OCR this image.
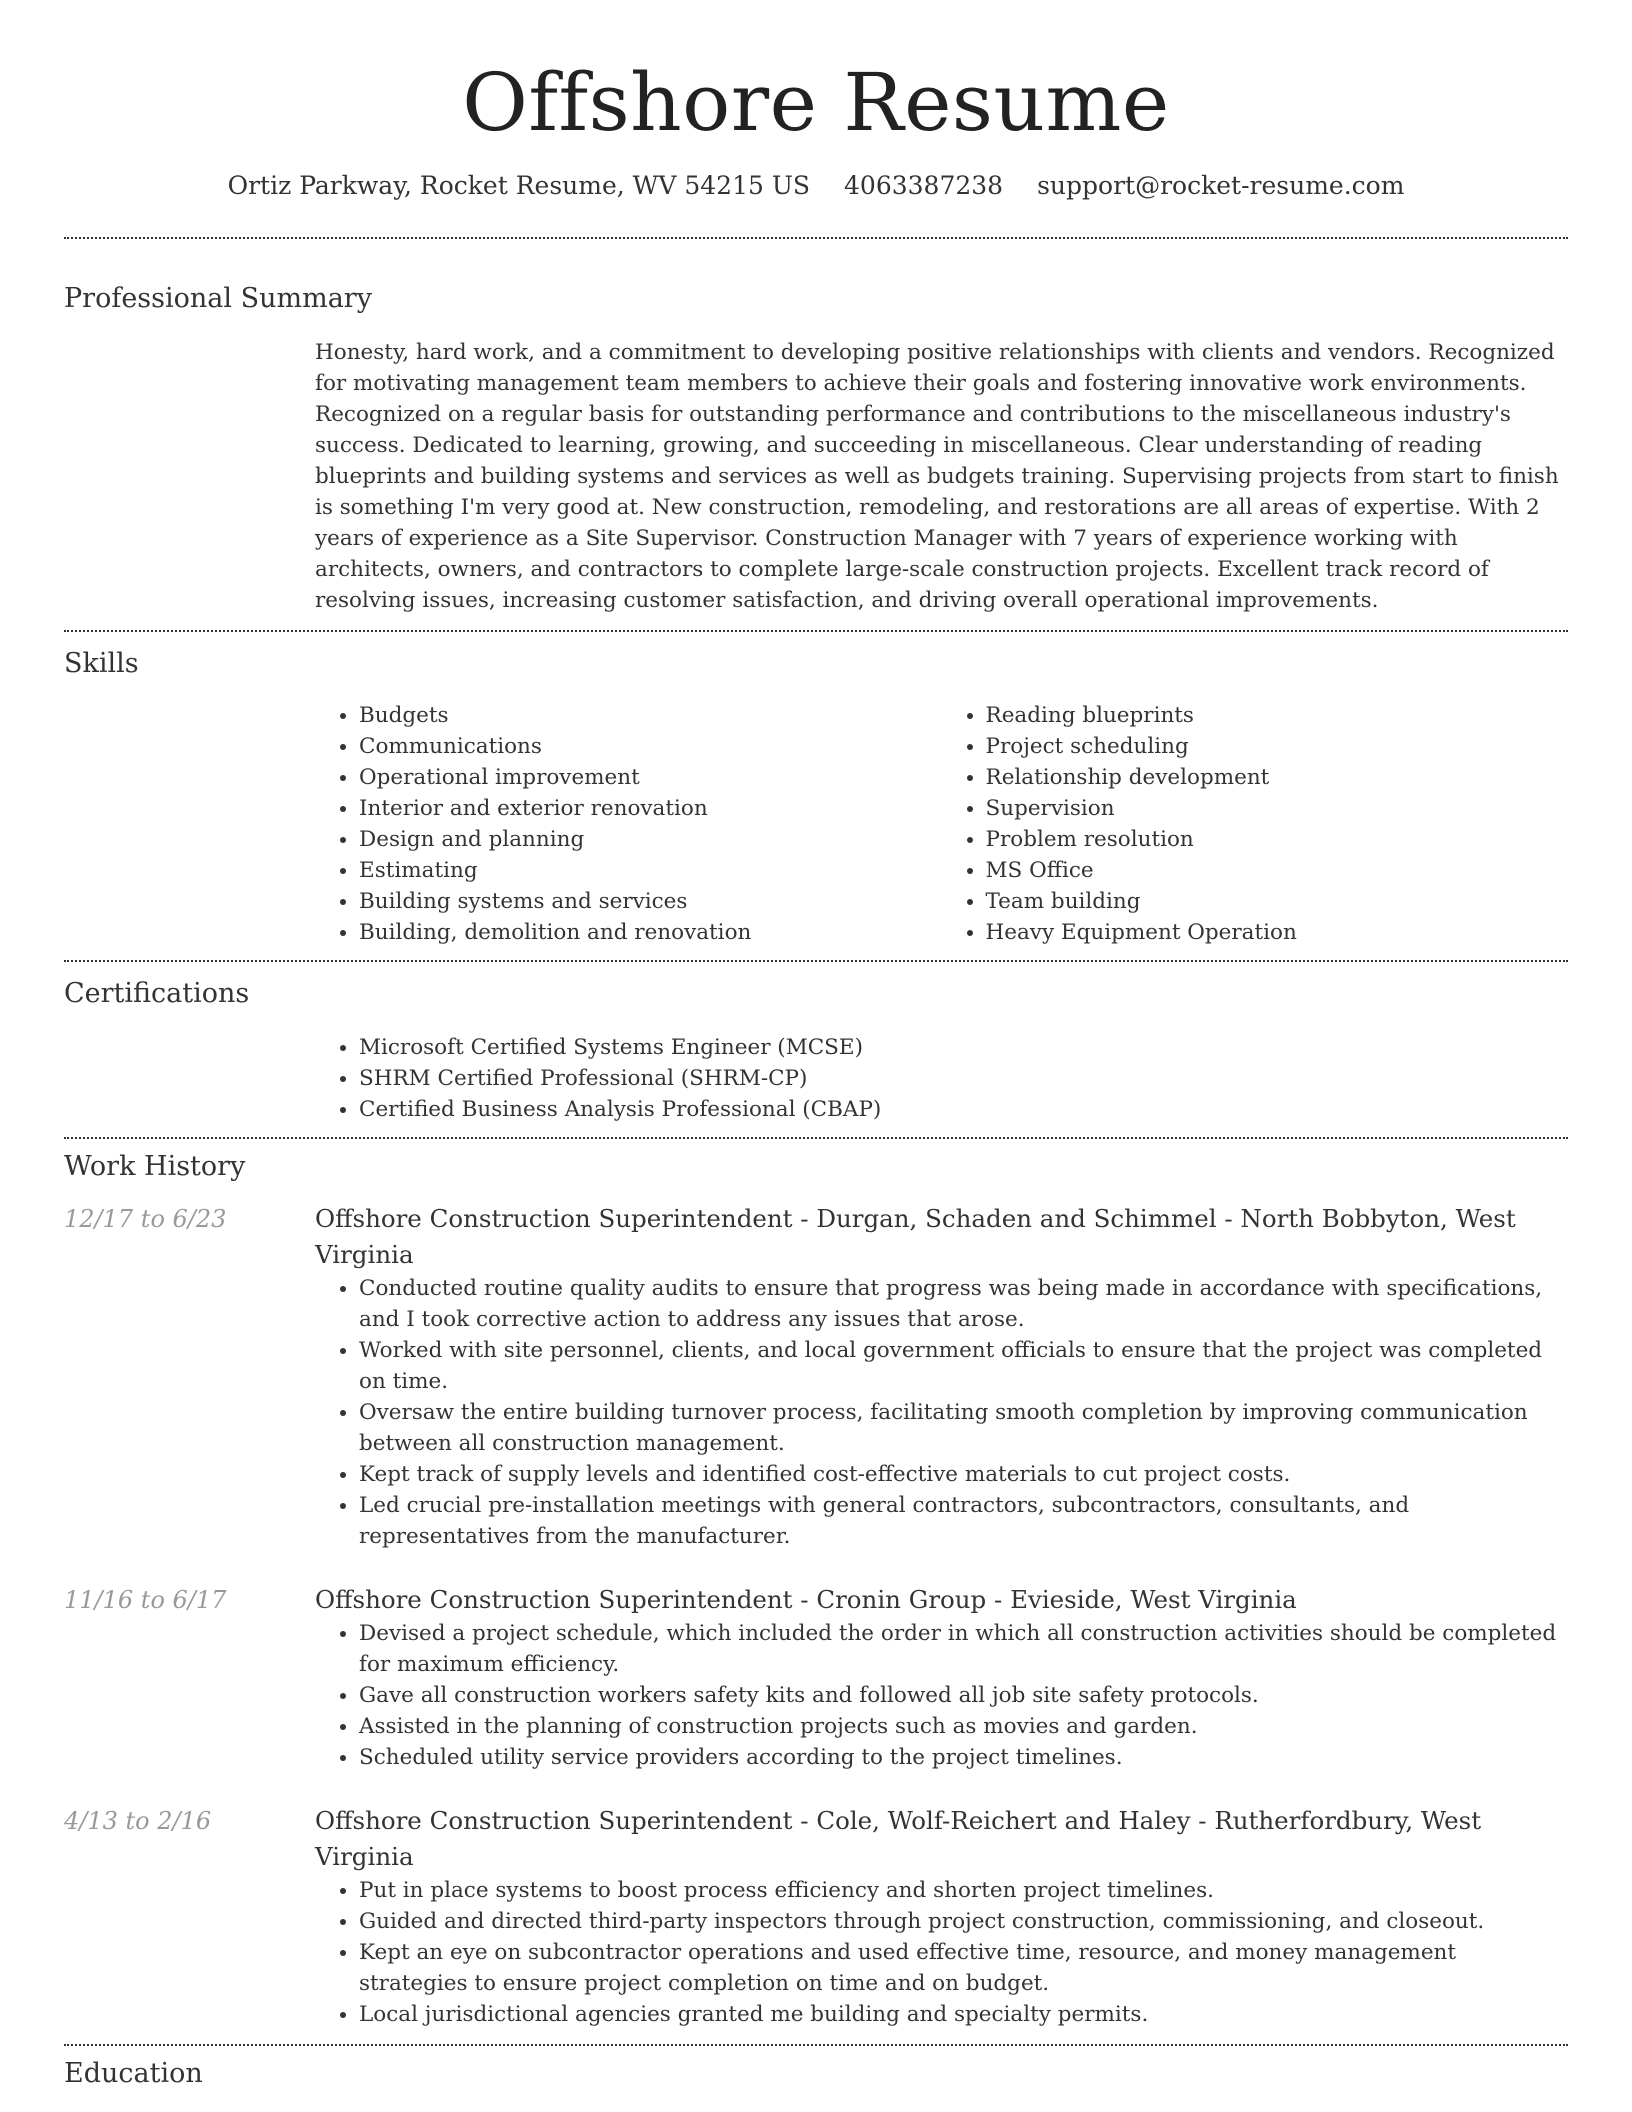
Offshore Resume
Ortiz Parkway, Rocket Resume, WV 54215 US 4063387238 support@rocket-resume.com
Professional Summary
Honesty, hard work, and a commitment to developing positive relationships with clients and vendors. Recognized for motivating management team members to achieve their goals and fostering innovative work environments. Recognized on a regular basis for outstanding performance and contributions to the miscellaneous industry's success. Dedicated to learning, growing, and succeeding in miscellaneous. Clear understanding of reading blueprints and building systems and services as well as budgets training. Supervising projects from start to finish is something I'm very good at. New construction, remodeling, and restorations are all areas of expertise. With 2 years of experience as a Site Supervisor. Construction Manager with 7 years of experience working with architects, owners, and contractors to complete large-scale construction projects. Excellent track record of resolving issues, increasing customer satisfaction, and driving overall operational improvements.
Skills
• Budgets
• Communications
• Operational improvement
• Interior and exterior renovation
• Design and planning
• Estimating
• Building systems and services
• Building, demolition and renovation
• Reading blueprints
• Project scheduling
• Relationship development
• Supervision
• Problem resolution
• MS Office
• Team building
• Heavy Equipment Operation
Certifications
• Microsoft Certified Systems Engineer (MCSE)
• SHRM Certified Professional (SHRM-CP)
• Certified Business Analysis Professional (CBAP)
Work History
12/17 to 6/23	Offshore Construction Superintendent - Durgan, Schaden and Schimmel - North Bobbyton, West Virginia
• Conducted routine quality audits to ensure that progress was being made in accordance with specifications, and I took corrective action to address any issues that arose.
• Worked with site personnel, clients, and local government officials to ensure that the project was completed on time.
• Oversaw the entire building turnover process, facilitating smooth completion by improving communication between all construction management.
• Kept track of supply levels and identified cost-effective materials to cut project costs.
• Led crucial pre-installation meetings with general contractors, subcontractors, consultants, and representatives from the manufacturer.
11/16 to 6/17	Offshore Construction Superintendent - Cronin Group - Evieside, West Virginia
• Devised a project schedule, which included the order in which all construction activities should be completed for maximum efficiency.
• Gave all construction workers safety kits and followed all job site safety protocols.
• Assisted in the planning of construction projects such as movies and garden.
• Scheduled utility service providers according to the project timelines.
4/13 to 2/16	Offshore Construction Superintendent - Cole, Wolf-Reichert and Haley - Rutherfordbury, West Virginia
• Put in place systems to boost process efficiency and shorten project timelines.
• Guided and directed third-party inspectors through project construction, commissioning, and closeout.
• Kept an eye on subcontractor operations and used effective time, resource, and money management strategies to ensure project completion on time and on budget.
• Local jurisdictional agencies granted me building and specialty permits.
Education
